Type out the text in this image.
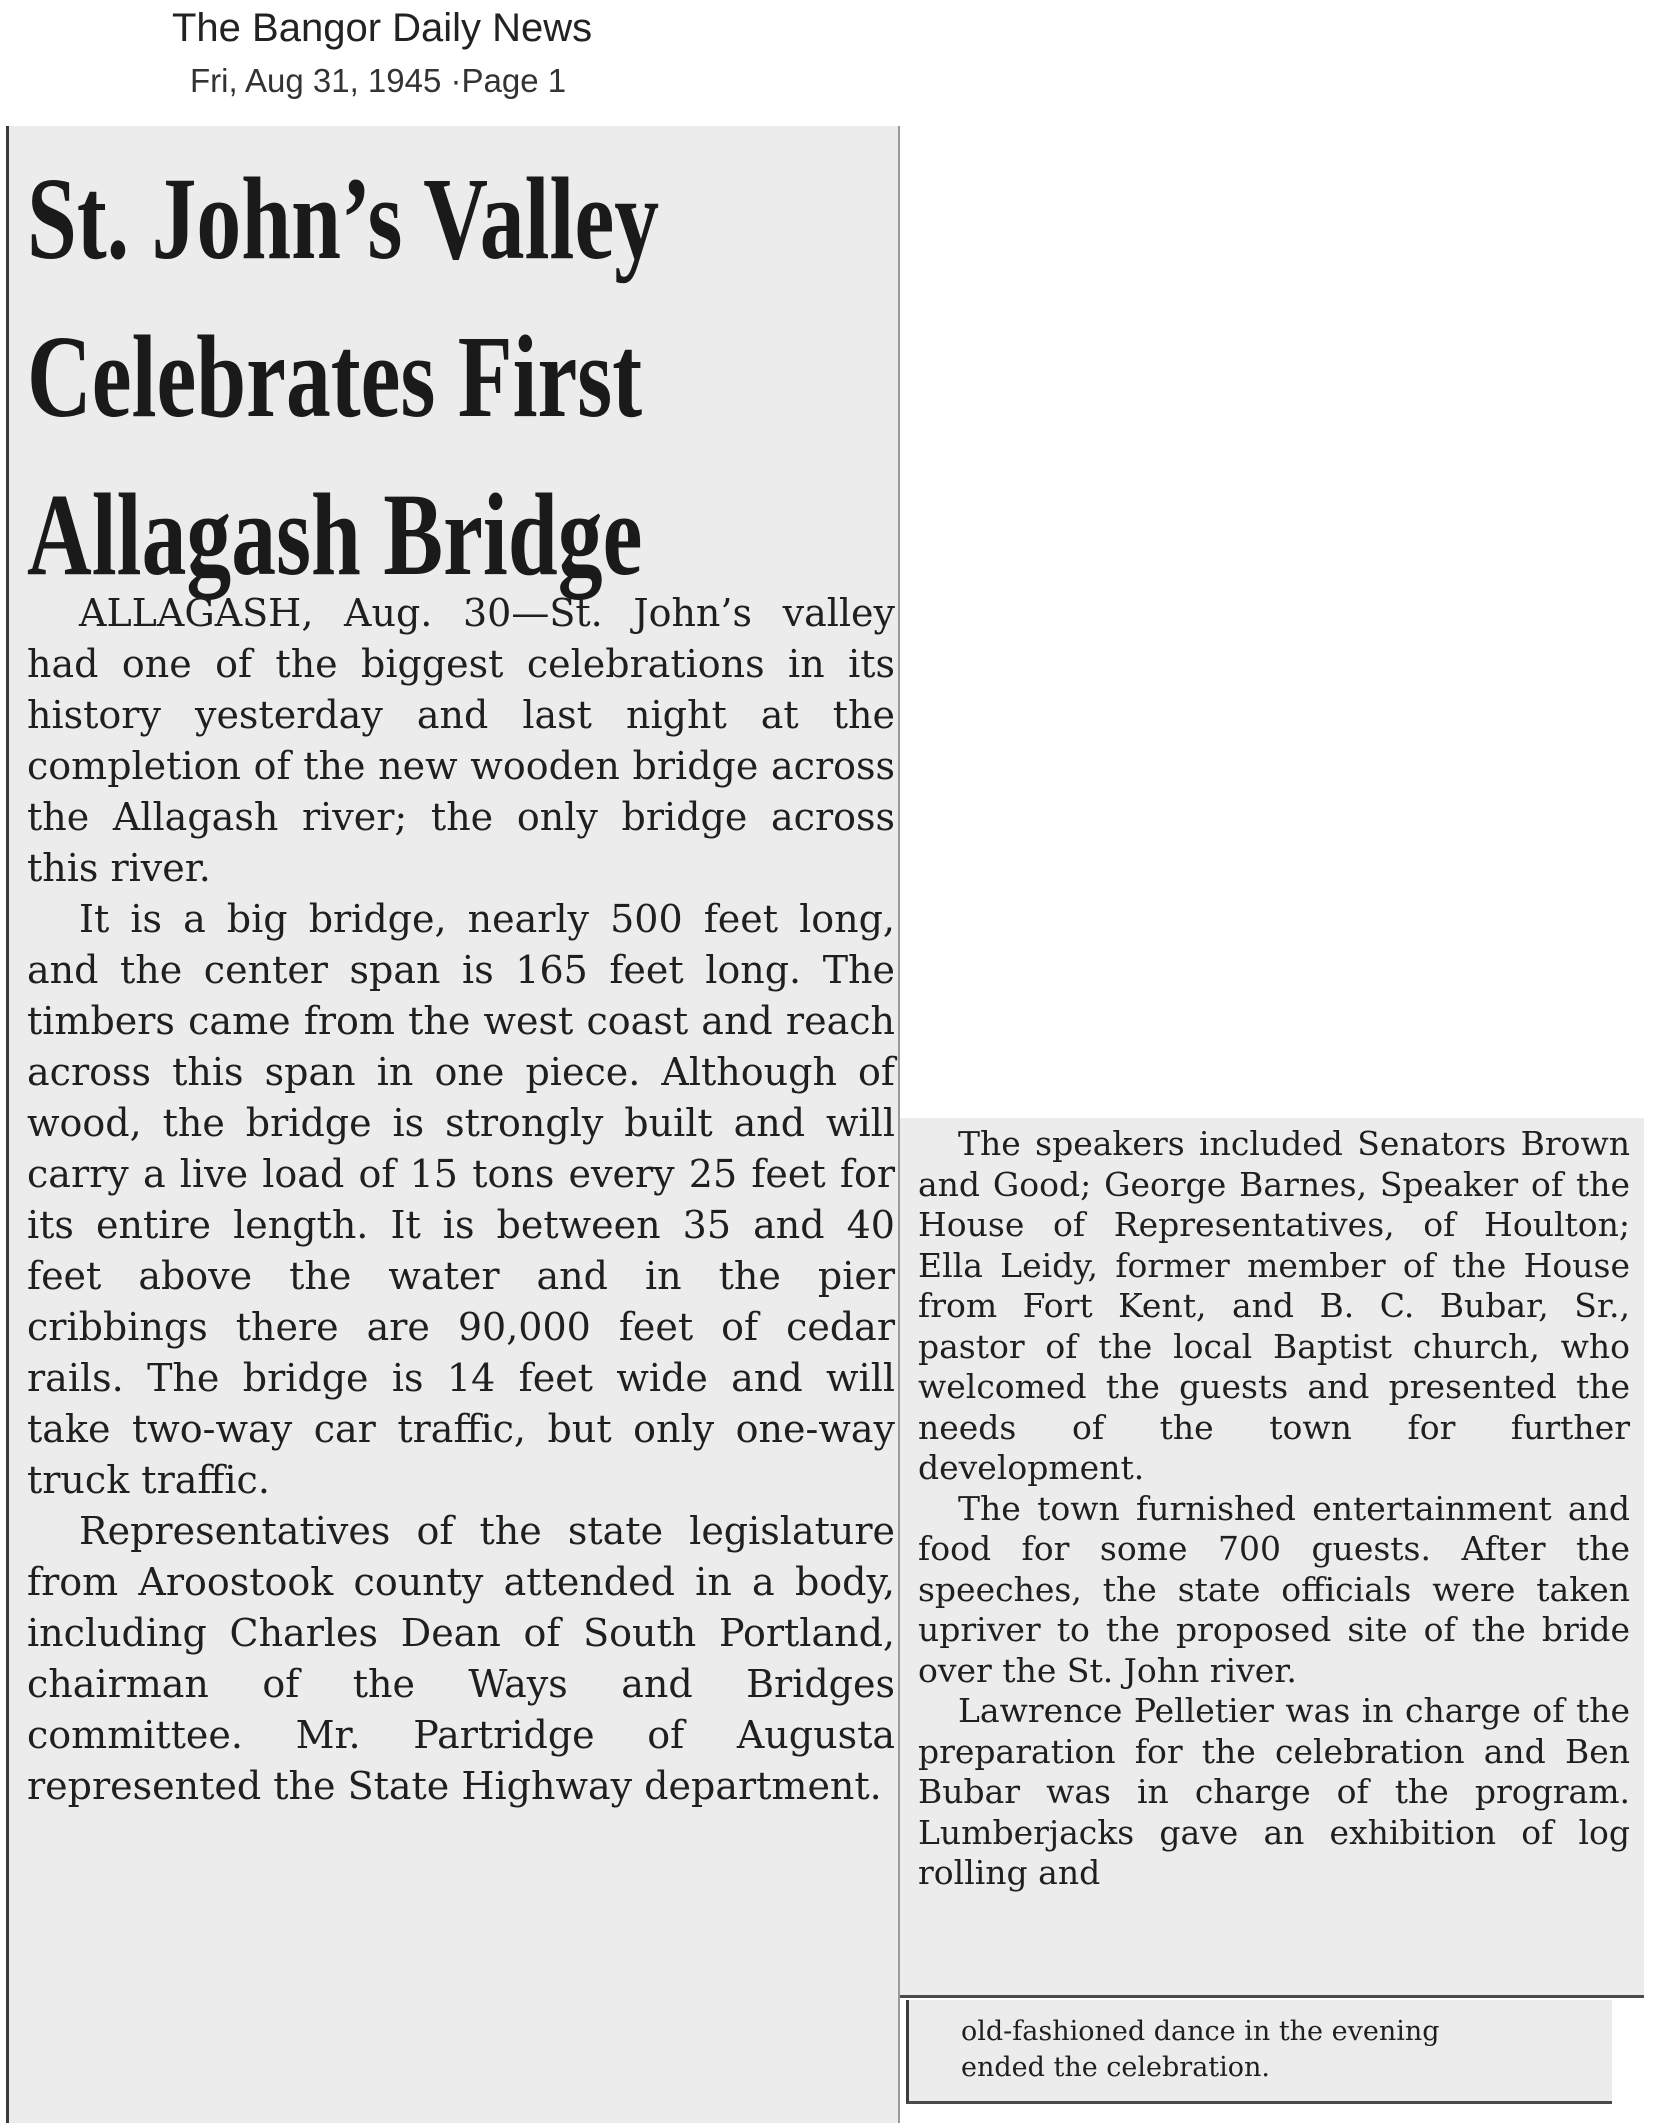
The Bangor Daily News
Fri, Aug 31, 1945 ·Page 1
St. John’s Valley
Celebrates First
Allagash Bridge

ALLAGASH, Aug. 30—St. John’s valley had one of the biggest celebrations in its history yesterday and last night at the completion of the new wooden bridge across the Allagash river; the only bridge across this river.

It is a big bridge, nearly 500 feet long, and the center span is 165 feet long. The timbers came from the west coast and reach across this span in one piece. Although of wood, the bridge is strongly built and will carry a live load of 15 tons every 25 feet for its entire length. It is between 35 and 40 feet above the water and in the pier cribbings there are 90,000 feet of cedar rails. The bridge is 14 feet wide and will take two-way car traffic, but only one-way truck traffic.

Representatives of the state legislature from Aroostook county attended in a body, including Charles Dean of South Portland, chairman of the Ways and Bridges committee. Mr. Partridge of Augusta represented the State Highway department.

The speakers included Senators Brown and Good; George Barnes, Speaker of the House of Representatives, of Houlton; Ella Leidy, former member of the House from Fort Kent, and B. C. Bubar, Sr., pastor of the local Baptist church, who welcomed the guests and presented the needs of the town for further development.

The town furnished entertainment and food for some 700 guests. After the speeches, the state officials were taken upriver to the proposed site of the bride over the St. John river.

Lawrence Pelletier was in charge of the preparation for the celebration and Ben Bubar was in charge of the program. Lumberjacks gave an exhibition of log rolling and

old-fashioned dance in the evening

ended the celebration.
